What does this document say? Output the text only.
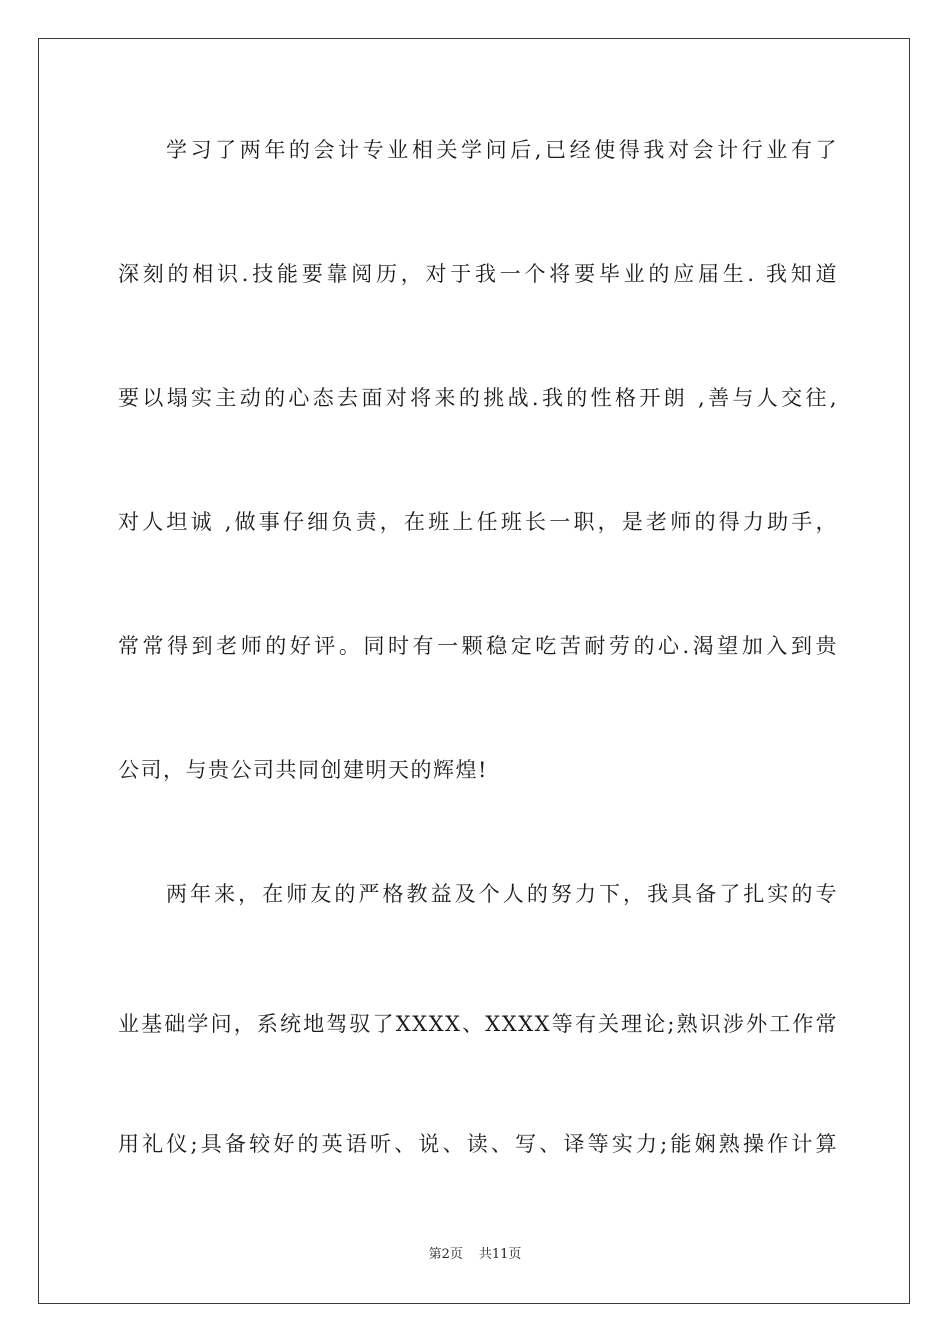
学习了两年的会计专业相关学问后,已经使得我对会计行业有了
深刻的相识.技能要靠阅历，对于我一个将要毕业的应届生. 我知道
要以塌实主动的心态去面对将来的挑战.我的性格开朗 ,善与人交往,
对人坦诚 ,做事仔细负责，在班上任班长一职，是老师的得力助手，
常常得到老师的好评。同时有一颗稳定吃苦耐劳的心.渴望加入到贵
公司，与贵公司共同创建明天的辉煌!
两年来，在师友的严格教益及个人的努力下，我具备了扎实的专
业基础学问，系统地驾驭了XXXX、XXXX等有关理论;熟识涉外工作常
用礼仪;具备较好的英语听、说、读、写、译等实力;能娴熟操作计算
第2页 共11页
